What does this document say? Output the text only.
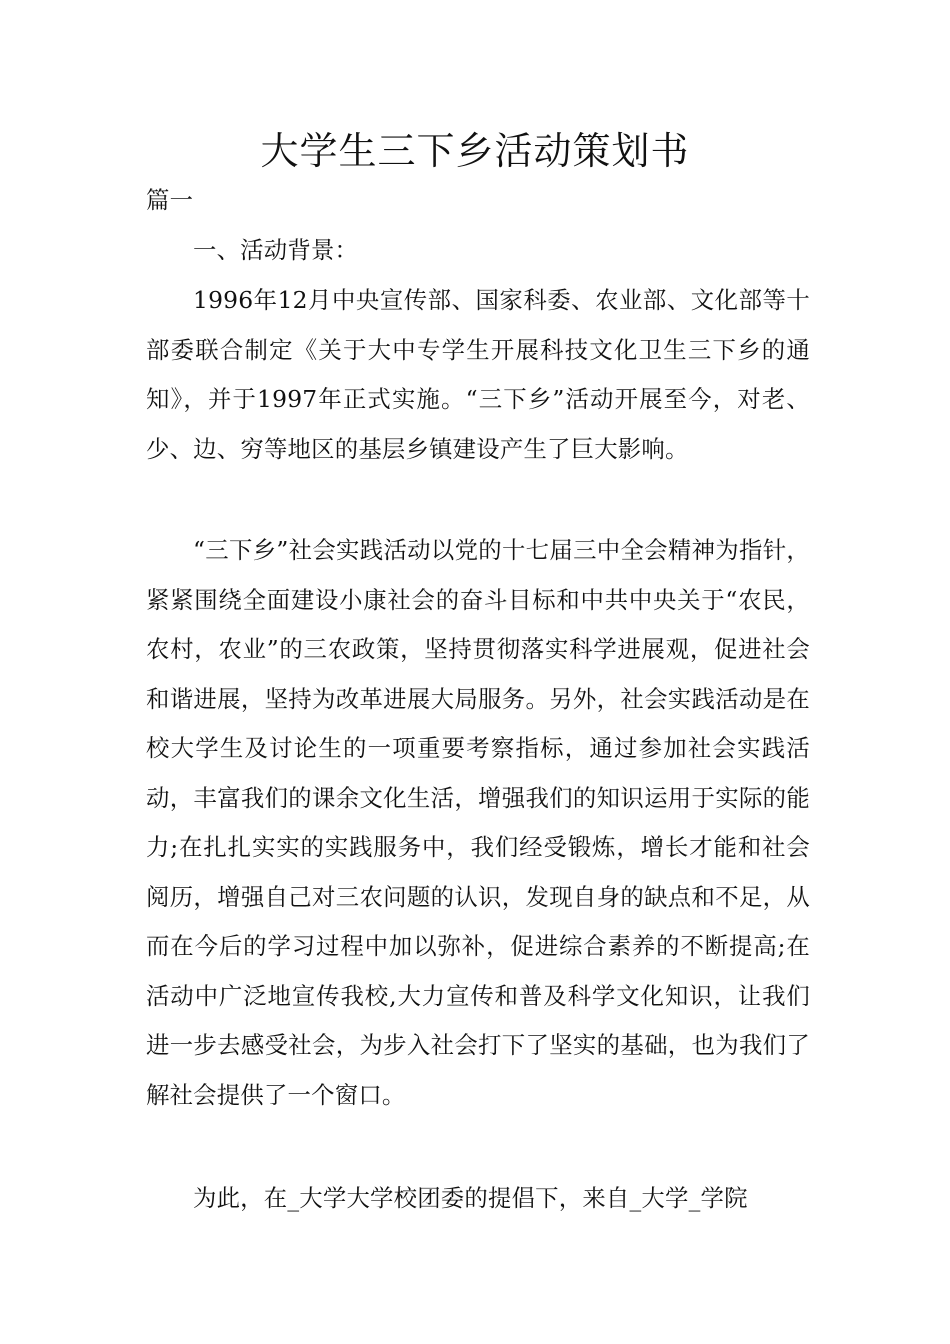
大学生三下乡活动策划书

篇一

一、活动背景：

1996年12月中央宣传部、国家科委、农业部、文化部等十部委联合制定《关于大中专学生开展科技文化卫生三下乡的通知》，并于1997年正式实施。“三下乡”活动开展至今，对老、少、边、穷等地区的基层乡镇建设产生了巨大影响。

“三下乡”社会实践活动以党的十七届三中全会精神为指针，紧紧围绕全面建设小康社会的奋斗目标和中共中央关于“农民，农村，农业”的三农政策，坚持贯彻落实科学进展观，促进社会和谐进展，坚持为改革进展大局服务。另外，社会实践活动是在校大学生及讨论生的一项重要考察指标，通过参加社会实践活动，丰富我们的课余文化生活，增强我们的知识运用于实际的能力;在扎扎实实的实践服务中，我们经受锻炼，增长才能和社会阅历，增强自己对三农问题的认识，发现自身的缺点和不足，从而在今后的学习过程中加以弥补，促进综合素养的不断提高;在活动中广泛地宣传我校,大力宣传和普及科学文化知识，让我们进一步去感受社会，为步入社会打下了坚实的基础，也为我们了解社会提供了一个窗口。

为此，在_大学大学校团委的提倡下，来自_大学_学院
